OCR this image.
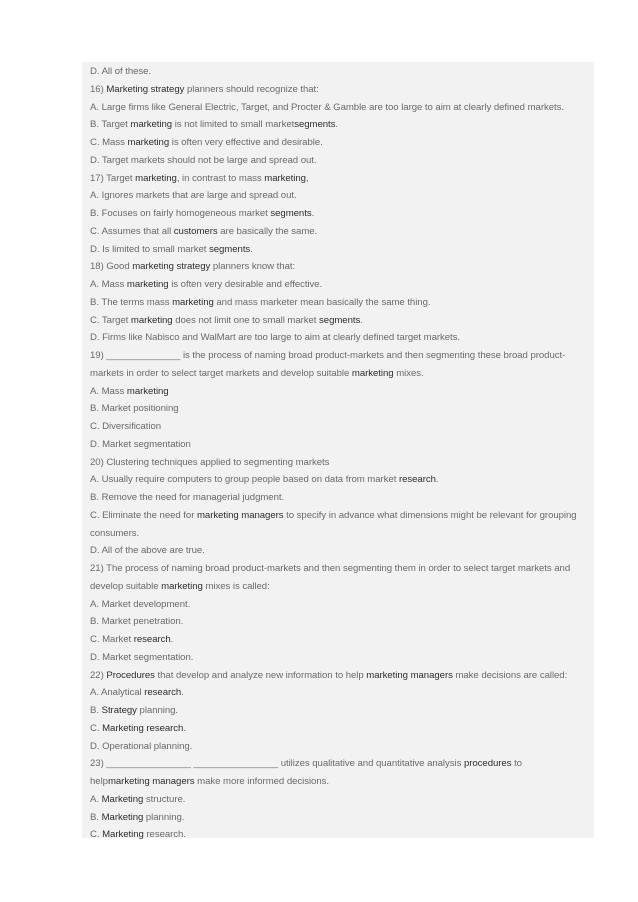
D. All of these.
16) Marketing strategy planners should recognize that:
A. Large firms like General Electric, Target, and Procter & Gamble are too large to aim at clearly defined markets.
B. Target marketing is not limited to small marketsegments.
C. Mass marketing is often very effective and desirable.
D. Target markets should not be large and spread out.
17) Target marketing, in contrast to mass marketing,
A. Ignores markets that are large and spread out.
B. Focuses on fairly homogeneous market segments.
C. Assumes that all customers are basically the same.
D. Is limited to small market segments.
18) Good marketing strategy planners know that:
A. Mass marketing is often very desirable and effective.
B. The terms mass marketing and mass marketer mean basically the same thing.
C. Target marketing does not limit one to small market segments.
D. Firms like Nabisco and WalMart are too large to aim at clearly defined target markets.
19) ______________ is the process of naming broad product-markets and then segmenting these broad product-
markets in order to select target markets and develop suitable marketing mixes.
A. Mass marketing
B. Market positioning
C. Diversification
D. Market segmentation
20) Clustering techniques applied to segmenting markets
A. Usually require computers to group people based on data from market research.
B. Remove the need for managerial judgment.
C. Eliminate the need for marketing managers to specify in advance what dimensions might be relevant for grouping
consumers.
D. All of the above are true.
21) The process of naming broad product-markets and then segmenting them in order to select target markets and
develop suitable marketing mixes is called:
A. Market development.
B. Market penetration.
C. Market research.
D. Market segmentation.
22) Procedures that develop and analyze new information to help marketing managers make decisions are called:
A. Analytical research.
B. Strategy planning.
C. Marketing research.
D. Operational planning.
23) ________________ ________________ utilizes qualitative and quantitative analysis procedures to
helpmarketing managers make more informed decisions.
A. Marketing structure.
B. Marketing planning.
C. Marketing research.
